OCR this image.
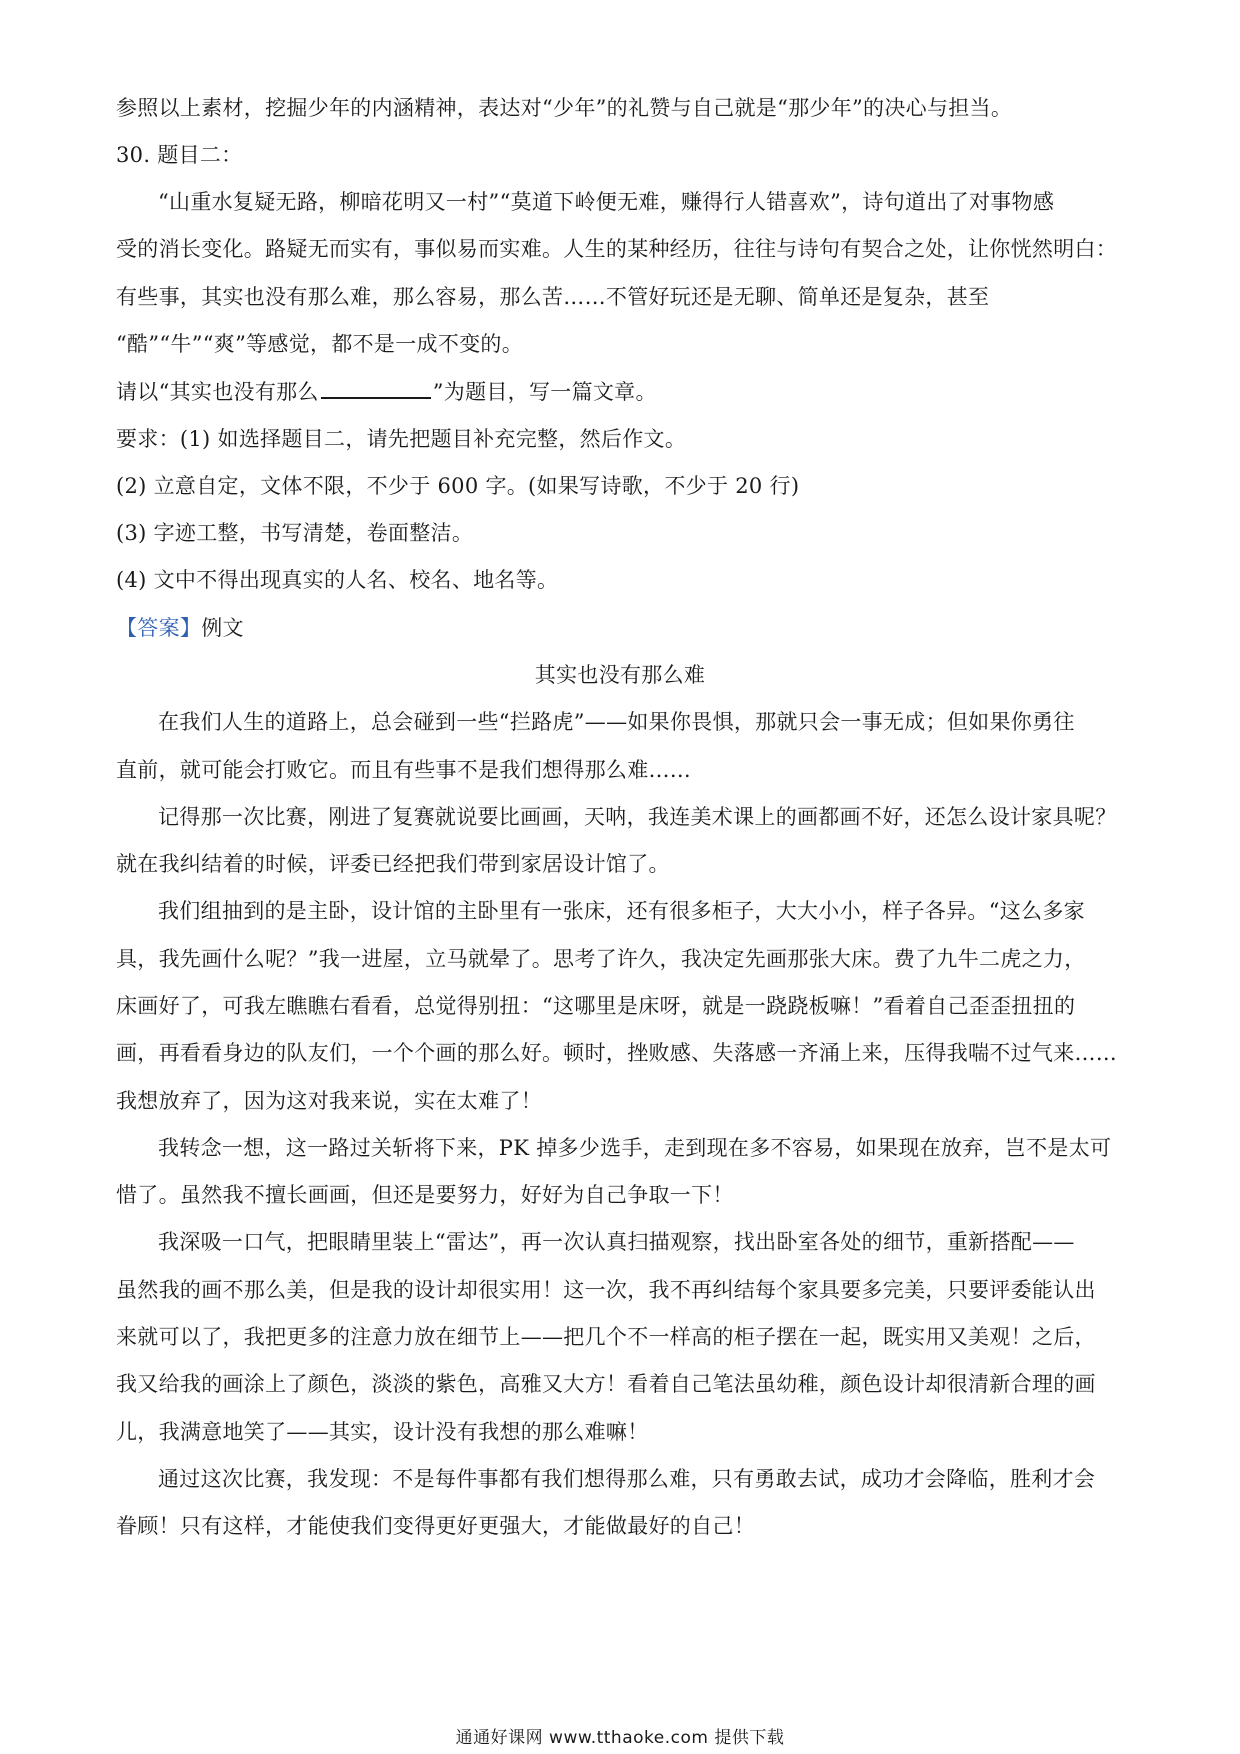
参照以上素材，挖掘少年的内涵精神，表达对“少年”的礼赞与自己就是“那少年”的决心与担当。
30. 题目二：
“山重水复疑无路，柳暗花明又一村”“莫道下岭便无难，赚得行人错喜欢”，诗句道出了对事物感
受的消长变化。路疑无而实有，事似易而实难。人生的某种经历，往往与诗句有契合之处，让你恍然明白：
有些事，其实也没有那么难，那么容易，那么苦……不管好玩还是无聊、简单还是复杂，甚至
“酷”“牛”“爽”等感觉，都不是一成不变的。
请以“其实也没有那么	”为题目，写一篇文章。
要求：(1) 如选择题目二，请先把题目补充完整，然后作文。
(2) 立意自定，文体不限，不少于 600 字。(如果写诗歌，不少于 20 行)
(3) 字迹工整，书写清楚，卷面整洁。
(4) 文中不得出现真实的人名、校名、地名等。
【答案】例文
其实也没有那么难
在我们人生的道路上，总会碰到一些“拦路虎”——如果你畏惧，那就只会一事无成；但如果你勇往
直前，就可能会打败它。而且有些事不是我们想得那么难……
记得那一次比赛，刚进了复赛就说要比画画，天呐，我连美术课上的画都画不好，还怎么设计家具呢？
就在我纠结着的时候，评委已经把我们带到家居设计馆了。
我们组抽到的是主卧，设计馆的主卧里有一张床，还有很多柜子，大大小小，样子各异。“这么多家
具，我先画什么呢？”我一进屋，立马就晕了。思考了许久，我决定先画那张大床。费了九牛二虎之力，
床画好了，可我左瞧瞧右看看，总觉得别扭：“这哪里是床呀，就是一跷跷板嘛！”看着自己歪歪扭扭的
画，再看看身边的队友们，一个个画的那么好。顿时，挫败感、失落感一齐涌上来，压得我喘不过气来……
我想放弃了，因为这对我来说，实在太难了！
我转念一想，这一路过关斩将下来，PK 掉多少选手，走到现在多不容易，如果现在放弃，岂不是太可
惜了。虽然我不擅长画画，但还是要努力，好好为自己争取一下！
我深吸一口气，把眼睛里装上“雷达”，再一次认真扫描观察，找出卧室各处的细节，重新搭配——
虽然我的画不那么美，但是我的设计却很实用！这一次，我不再纠结每个家具要多完美，只要评委能认出
来就可以了，我把更多的注意力放在细节上——把几个不一样高的柜子摆在一起，既实用又美观！之后，
我又给我的画涂上了颜色，淡淡的紫色，高雅又大方！看着自己笔法虽幼稚，颜色设计却很清新合理的画
儿，我满意地笑了——其实，设计没有我想的那么难嘛！
通过这次比赛，我发现：不是每件事都有我们想得那么难，只有勇敢去试，成功才会降临，胜利才会
眷顾！只有这样，才能使我们变得更好更强大，才能做最好的自己！
通通好课网 www.tthaoke.com 提供下载
